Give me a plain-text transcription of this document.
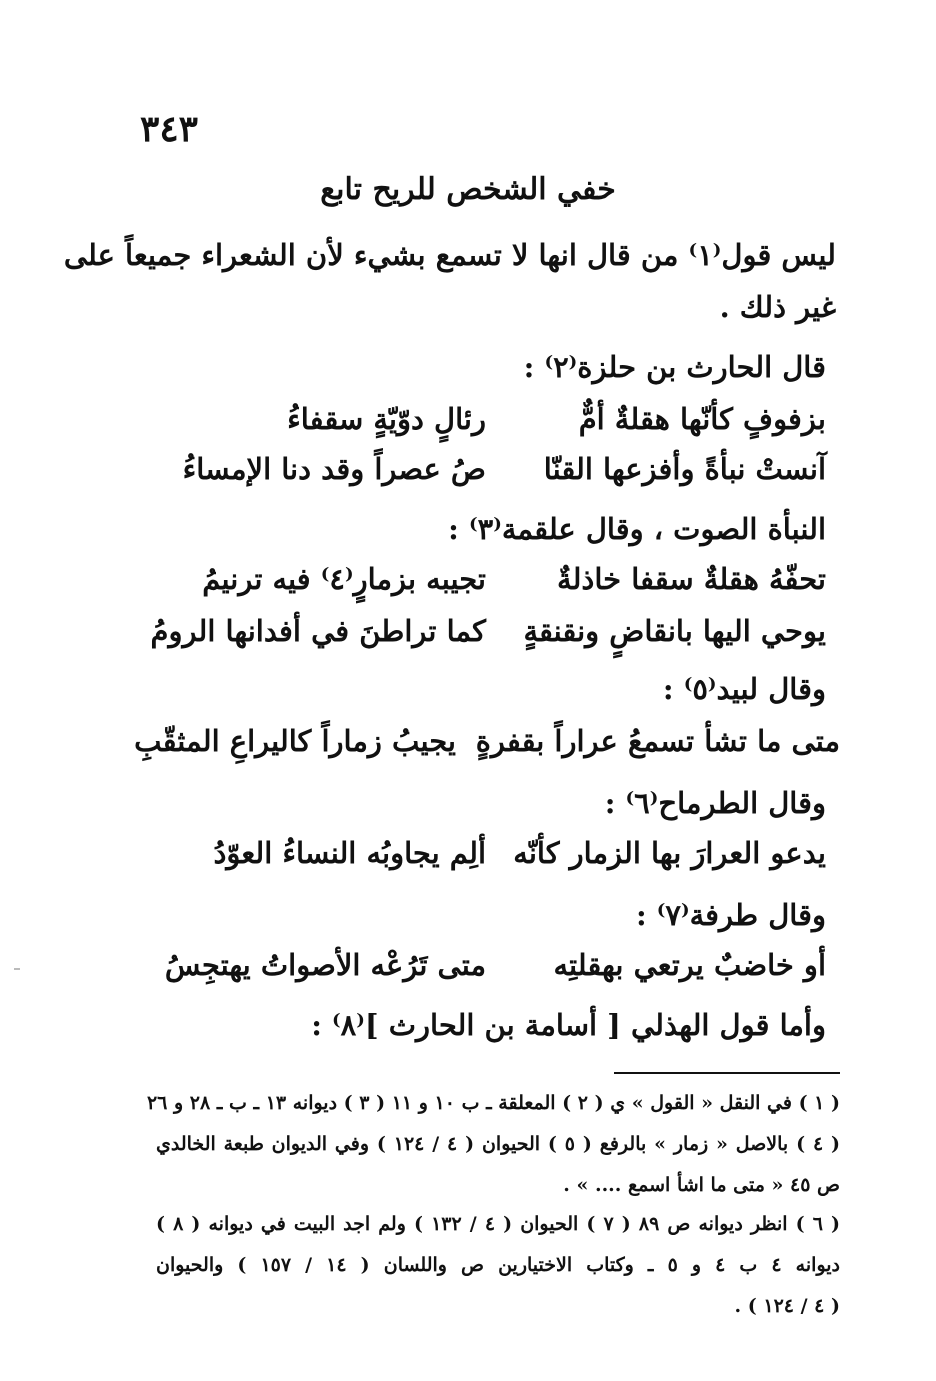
٣٤٣
خفي الشخص للريح تابع
ليس قول⁽١⁾ من قال انها لا تسمع بشيء لأن الشعراء جميعاً على
غير ذلك .
قال الحارث بن حلزة⁽٢⁾ :
بزفوفٍ كأنّها هقلةٌ أمٌّ
رئالٍ دوّيّةٍ سقفاءُ
آنستْ نبأةً وأفزعها القنّا
صُ عصراً وقد دنا الإمساءُ
النبأة الصوت ، وقال علقمة⁽٣⁾ :
تحفّهُ هقلةٌ سقفا خاذلةٌ
تجيبه بزمارٍ⁽٤⁾ فيه ترنيمُ
يوحي اليها بانقاضٍ ونقنقةٍ
كما تراطنَ في أفدانها الرومُ
وقال لبيد⁽٥⁾ :
متى ما تشأ تسمعُ عراراً بقفرةٍ
يجيبُ زماراً كاليراعِ المثقّبِ
وقال الطرماح⁽٦⁾ :
يدعو العرارَ بها الزمار كأنّه
ألِم يجاوبُه النساءُ العوّدُ
وقال طرفة⁽٧⁾ :
أو خاضبٌ يرتعي بهقلتِه
متى تَرُعْه الأصواتُ يهتجِسُ
وأما قول الهذلي [ أسامة بن الحارث ]⁽٨⁾ :
( ١ ) في النقل « القول » ي ( ٢ ) المعلقة ـ ب ١٠ و ١١ ( ٣ ) ديوانه ١٣ ـ ب ـ ٢٨ و ٢٦
( ٤ ) بالاصل « زمار » بالرفع ( ٥ ) الحيوان ( ٤ / ١٢٤ ) وفي الديوان طبعة الخالدي
ص ٤٥ « متى ما اشأ اسمع .... » .
( ٦ ) انظر ديوانه ص ٨٩ ( ٧ ) الحيوان ( ٤ / ١٣٢ ) ولم اجد البيت في ديوانه ( ٨ )
ديوانه ٤ ب ٤ و ٥ ـ وكتاب الاختيارين ص واللسان ( ١٤ / ١٥٧ ) والحيوان
( ٤ / ١٢٤ ) .
